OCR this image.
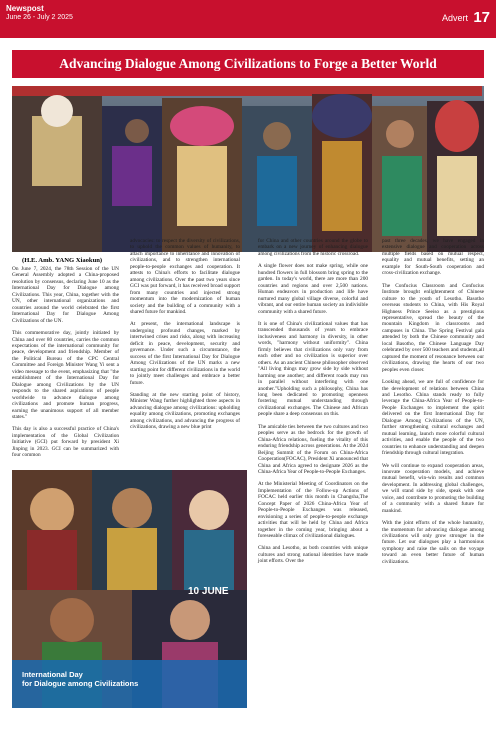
Newspost
June 26 - July 2 2025	Advert 17
Advancing Dialogue Among Civilizations to Forge a Better World
(H.E. Amb. YANG Xiaokun)

On June 7, 2024, the 78th Session of the UN General Assembly adopted a China-proposed resolution by consensus, declaring June 10 as the International Day for Dialogue among Civilizations. This year, China, together with the UN, other international organizations and countries around the world celebrated the first International Day for Dialogue Among Civilizations of the UN.

This commemorative day, jointly initiated by China and over 80 countries, carries the common expectations of the international community for peace, development and friendship. Member of the Political Bureau of the CPC Central Committee and Foreign Minister Wang Yi sent a video message to the event, emphasizing that "the establishment of the International Day for Dialogue among Civilizations by the UN responds to the shared aspirations of people worldwide to advance dialogue among civilizations and promote human progress, earning the unanimous support of all member states."

This day is also a successful practice of China's implementation of the Global Civilization Initiative (GCI) put forward by president Xi Jinping in 2023. GCI can be summarized with four common

advocacies: to respect the diversity of civilizations, to uphold the common values of humanity, to attach importance to inheritance and innovation of civilizations, and to strengthen international people-to-people exchanges and cooperation. It attests to China's efforts to facilitate dialogue among civilizations. Over the past two years since GCI was put forward, it has received broad support from many countries and injected strong momentum into the modernization of human society and the building of a community with a shared future for mankind.

At present, the international landscape is undergoing profound changes, marked by intertwined crises and risks, along with increasing deficit in peace, development, security and governance. Under such a circumstance, the success of the first International Day for Dialogue Among Civilizations of the UN marks a new starting point for different civilizations in the world to jointly meet challenges and embrace a better future.

Standing at the new starting point of history, Minister Wang further highlighted three aspects in advancing dialogue among civilizations: upholding equality among civilizations, promoting exchanges among civilizations, and advancing the progress of civilizations, drawing a new blue print

for China and other countries around the globe to embark on a new journey of enhancing dialogue among civilizations from the historic crossroad.

A single flower does not make spring, while one hundred flowers in full blossom bring spring to the garden. In today's world, there are more than 200 countries and regions and over 2,500 nations. Human endeavors in production and life have nurtured many global village diverse, colorful and vibrant, and our entire human society an indivisible community with a shared future.

It is one of China's civilizational values that has transcended thousands of years to embrace inclusiveness and harmony in diversity, in other words, "harmony without uniformity". China firmly believes that civilizations only vary from each other and no civilization is superior over others. As an ancient Chinese philosopher observed "All living things may grow side by side without harming one another; and different roads may run in parallel without interfering with one another."Upholding such a philosophy, China has long been dedicated to promoting openness fostering mutual understanding through civilizational exchanges. The Chinese and African people share a deep consensus on this.

The amicable ties between the two cultures and two peoples serve as the bedrock for the growth of China-Africa relations, fueling the vitality of this enduring friendship across generations. At the 2024 Beijing Summit of the Forum on China-Africa Cooperation(FOCAC), President Xi announced that China and Africa agreed to designate 2026 as the China-Africa Year of People-to-People Exchanges.

At the Ministerial Meeting of Coordinators on the Implementation of the Follow-up Actions of FOCAC held earlier this month in Changsha,The Concept Paper of 2026 China-Africa Year of People-to-People Exchanges was released, envisioning a series of people-to-people exchange activities that will be held by China and Africa together in the coming year, bringing about a foreseeable climax of civilizational dialogues.

China and Lesotho, as both countries with unique cultures and strong national identities have made joint efforts. Over the

past three decades, we have engaged in extensive dialogue and cooperation across multiple fields based on mutual respect, equality and mutual benefits, setting an example for South-South cooperation and cross-civilization exchange.

The Confucius Classroom and Confucius Institute brought enlightenment of Chinese culture to the youth of Lesotho. Basotho overseas students to China, with His Royal Highness Prince Seeiso as a prestigious representative, spread the beauty of the mountain Kingdom in classrooms and campuses in China. The Spring Festival gala attended by both the Chinese community and local Basotho, the Chinese Language Day celebrated by over 500 teachers and students,all captured the moment of resonance between our civilizations, drawing the hearts of our two peoples even closer.

Looking ahead, we are full of confidence for the development of relations between China and Lesotho. China stands ready to fully leverage the China-Africa Year of People-to-People Exchanges to implement the spirit delivered on the first International Day for Dialogue Among Civilizations of the UN, further strengthening cultural exchanges and mutual learning, launch more colorful cultural activities, and enable the people of the two countries to enhance understanding and deepen friendship through cultural integration.

We will continue to expand cooperation areas, innovate cooperation models, and achieve mutual benefit, win-win results and common development. In addressing global challenges, we will stand side by side, speak with one voice, and contribute to promoting the building of a community with a shared future for mankind.

With the joint efforts of the whole humanity, the momentum for advancing dialogue among civilizations will only grow stronger in the future. Let our dialogues play a harmonious symphony and raise the sails on the voyage toward an even better future of human civilizations.

10 JUNE
International Day
for Dialogue among Civilizations
